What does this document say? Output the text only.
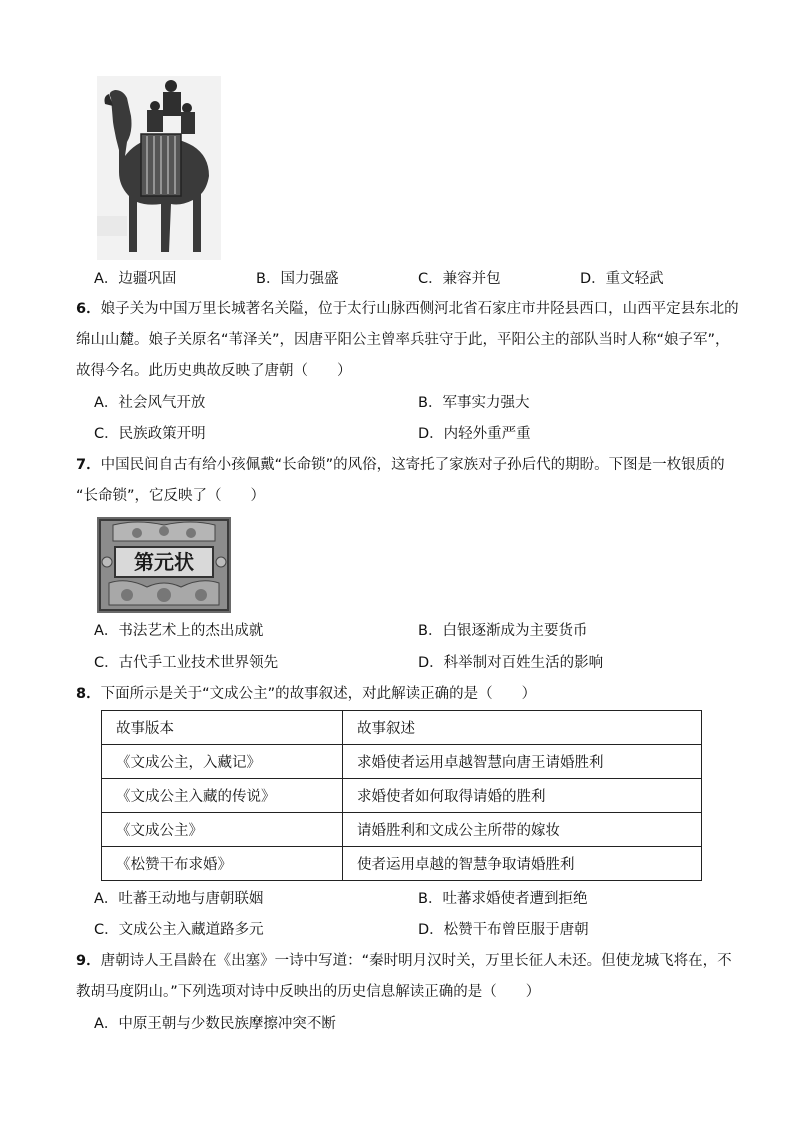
A．边疆巩固	B．国力强盛	C．兼容并包	D．重文轻武
6．娘子关为中国万里长城著名关隘，位于太行山脉西侧河北省石家庄市井陉县西口，山西平定县东北的
绵山山麓。娘子关原名“苇泽关”，因唐平阳公主曾率兵驻守于此，平阳公主的部队当时人称“娘子军”，
故得今名。此历史典故反映了唐朝（　　）
A．社会风气开放	B．军事实力强大
C．民族政策开明	D．内轻外重严重
7．中国民间自古有给小孩佩戴“长命锁”的风俗，这寄托了家族对子孙后代的期盼。下图是一枚银质的
“长命锁”，它反映了（　　）
第元状
A．书法艺术上的杰出成就	B．白银逐渐成为主要货币
C．古代手工业技术世界领先	D．科举制对百姓生活的影响
8．下面所示是关于“文成公主”的故事叙述，对此解读正确的是（　　）
故事版本	故事叙述
《文成公主，入藏记》	求婚使者运用卓越智慧向唐王请婚胜利
《文成公主入藏的传说》	求婚使者如何取得请婚的胜利
《文成公主》	请婚胜利和文成公主所带的嫁妆
《松赞干布求婚》	使者运用卓越的智慧争取请婚胜利
A．吐蕃王动地与唐朝联姻	B．吐蕃求婚使者遭到拒绝
C．文成公主入藏道路多元	D．松赞干布曾臣服于唐朝
9．唐朝诗人王昌龄在《出塞》一诗中写道：“秦时明月汉时关，万里长征人未还。但使龙城飞将在，不
教胡马度阴山。”下列选项对诗中反映出的历史信息解读正确的是（　　）
A．中原王朝与少数民族摩擦冲突不断
